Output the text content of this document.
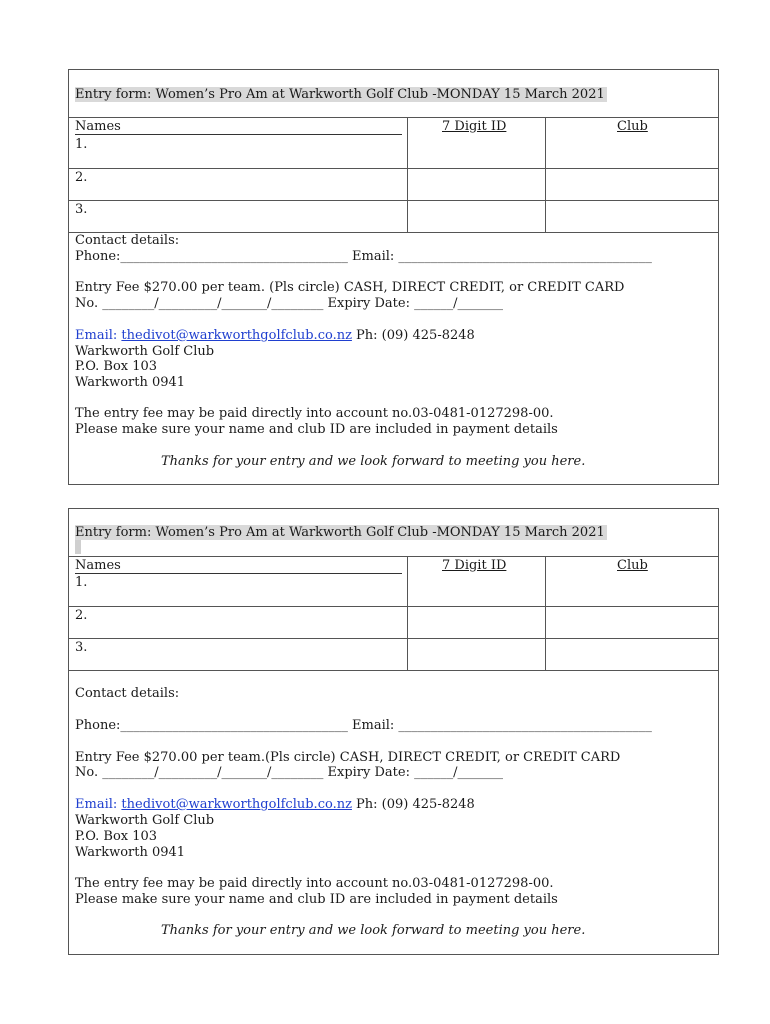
Entry form: Women’s Pro Am at Warkworth Golf Club -MONDAY 15 March 2021
Names	7 Digit ID	Club
1.
2.
3.
Contact details:
Phone:___________________________________ Email: _______________________________________
Entry Fee $270.00 per team. (Pls circle) CASH, DIRECT CREDIT, or CREDIT CARD
No. ________/_________/_______/________ Expiry Date: ______/_______
Email: thedivot@warkworthgolfclub.co.nz Ph: (09) 425-8248
Warkworth Golf Club
P.O. Box 103
Warkworth 0941
The entry fee may be paid directly into account no.03-0481-0127298-00.
Please make sure your name and club ID are included in payment details
Thanks for your entry and we look forward to meeting you here.
Entry form: Women’s Pro Am at Warkworth Golf Club -MONDAY 15 March 2021
Names	7 Digit ID	Club
1.
2.
3.
Contact details:
Phone:___________________________________ Email: _______________________________________
Entry Fee $270.00 per team.(Pls circle) CASH, DIRECT CREDIT, or CREDIT CARD
No. ________/_________/_______/________ Expiry Date: ______/_______
Email: thedivot@warkworthgolfclub.co.nz Ph: (09) 425-8248
Warkworth Golf Club
P.O. Box 103
Warkworth 0941
The entry fee may be paid directly into account no.03-0481-0127298-00.
Please make sure your name and club ID are included in payment details
Thanks for your entry and we look forward to meeting you here.
